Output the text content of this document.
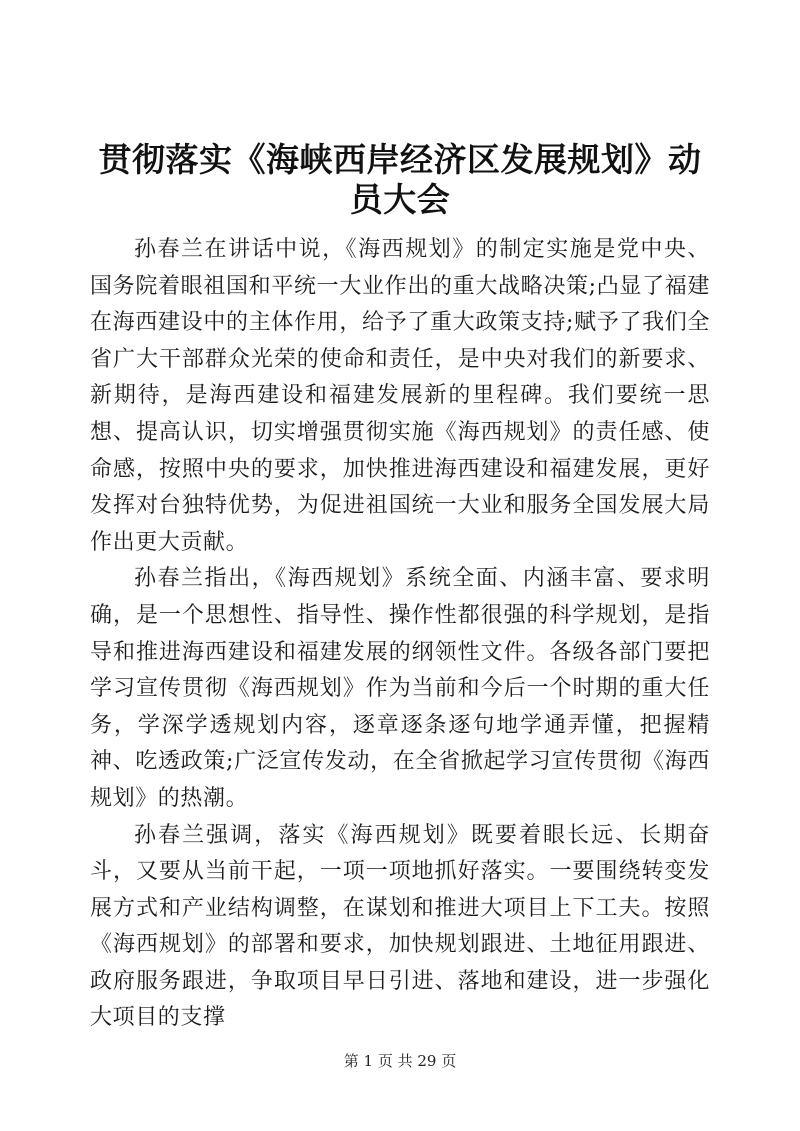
贯彻落实《海峡西岸经济区发展规划》动员大会

孙春兰在讲话中说，《海西规划》的制定实施是党中央、国务院着眼祖国和平统一大业作出的重大战略决策;凸显了福建在海西建设中的主体作用，给予了重大政策支持;赋予了我们全省广大干部群众光荣的使命和责任，是中央对我们的新要求、新期待，是海西建设和福建发展新的里程碑。我们要统一思想、提高认识，切实增强贯彻实施《海西规划》的责任感、使命感，按照中央的要求，加快推进海西建设和福建发展，更好发挥对台独特优势，为促进祖国统一大业和服务全国发展大局作出更大贡献。

孙春兰指出，《海西规划》系统全面、内涵丰富、要求明确，是一个思想性、指导性、操作性都很强的科学规划，是指导和推进海西建设和福建发展的纲领性文件。各级各部门要把学习宣传贯彻《海西规划》作为当前和今后一个时期的重大任务，学深学透规划内容，逐章逐条逐句地学通弄懂，把握精神、吃透政策;广泛宣传发动，在全省掀起学习宣传贯彻《海西规划》的热潮。

孙春兰强调，落实《海西规划》既要着眼长远、长期奋斗，又要从当前干起，一项一项地抓好落实。一要围绕转变发展方式和产业结构调整，在谋划和推进大项目上下工夫。按照《海西规划》的部署和要求，加快规划跟进、土地征用跟进、政府服务跟进，争取项目早日引进、落地和建设，进一步强化大项目的支撑

第 1 页 共 29 页
